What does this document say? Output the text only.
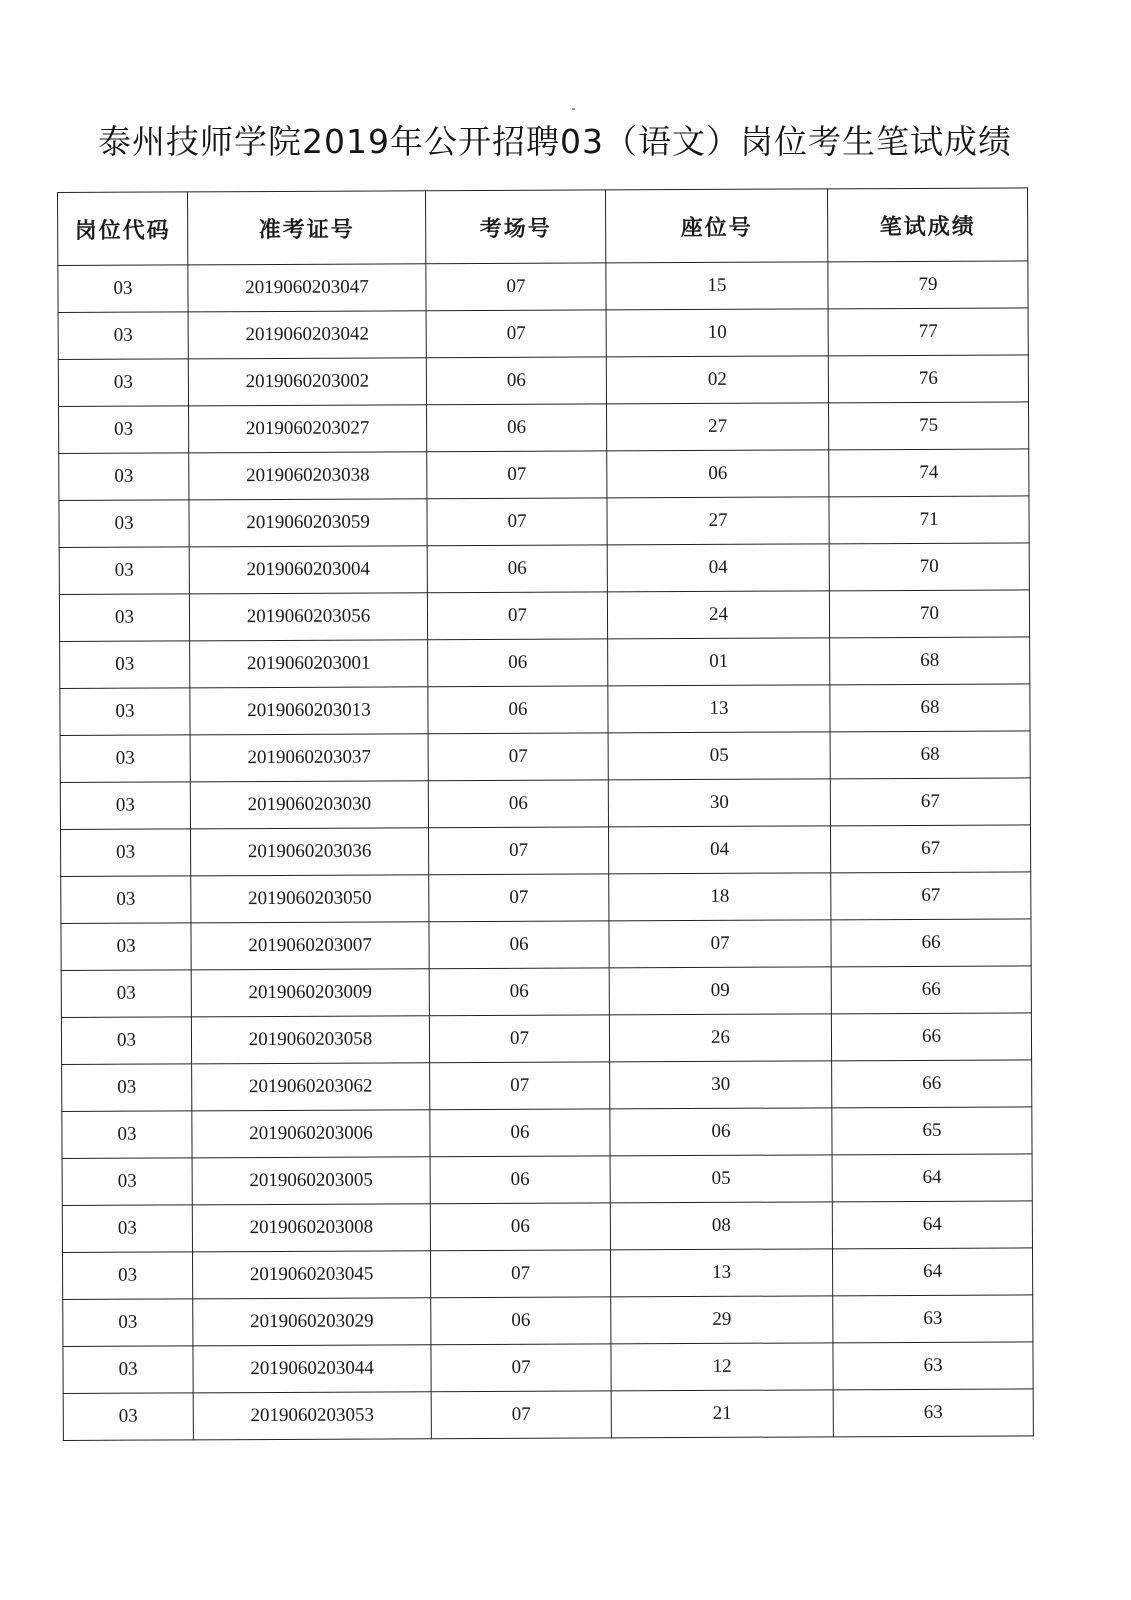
泰州技师学院2019年公开招聘03（语文）岗位考生笔试成绩
岗位代码	准考证号	考场号	座位号	笔试成绩
03	2019060203047	07	15	79
03	2019060203042	07	10	77
03	2019060203002	06	02	76
03	2019060203027	06	27	75
03	2019060203038	07	06	74
03	2019060203059	07	27	71
03	2019060203004	06	04	70
03	2019060203056	07	24	70
03	2019060203001	06	01	68
03	2019060203013	06	13	68
03	2019060203037	07	05	68
03	2019060203030	06	30	67
03	2019060203036	07	04	67
03	2019060203050	07	18	67
03	2019060203007	06	07	66
03	2019060203009	06	09	66
03	2019060203058	07	26	66
03	2019060203062	07	30	66
03	2019060203006	06	06	65
03	2019060203005	06	05	64
03	2019060203008	06	08	64
03	2019060203045	07	13	64
03	2019060203029	06	29	63
03	2019060203044	07	12	63
03	2019060203053	07	21	63
